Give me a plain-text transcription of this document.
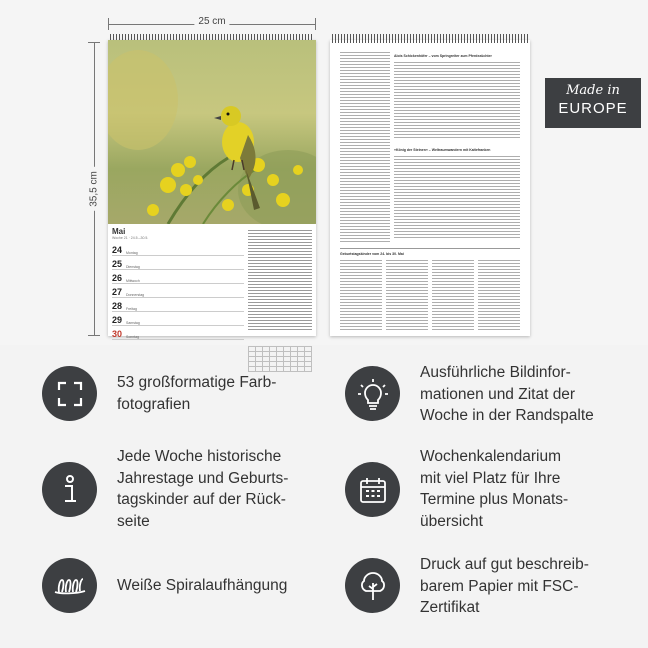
25 cm
35,5 cm
Mai
Woche 21 · 24.5.–30.5.
24	Montag
25	Dienstag
26	Mittwoch
27	Donnerstag
28	Freitag
29	Samstag
30	Sonntag
Alois Schickenhöfer – vom Springreiter zum Pferdezüchter
»König der Steinen« – Weltraumwandern mit Kaltefranken
Geburtstagskinder vom 24. bis 30. Mai
Made in
EUROPE
53 großformatige Farb-
fotografien
Ausführliche Bildinfor-
mationen und Zitat der
Woche in der Randspalte
Jede Woche historische
Jahrestage und Geburts-
tagskinder auf der Rück-
seite
Wochenkalendarium
mit viel Platz für Ihre
Termine plus Monats-
übersicht
Weiße Spiralaufhängung
Druck auf gut beschreib-
barem Papier mit FSC-
Zertifikat
